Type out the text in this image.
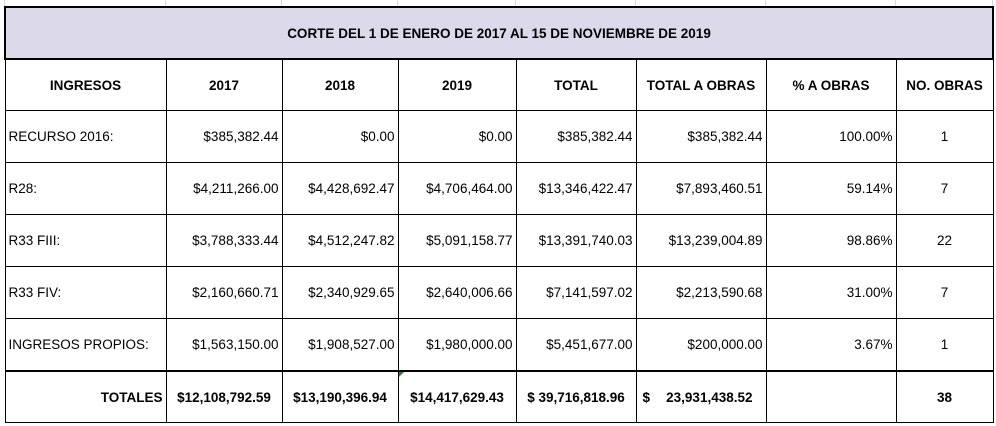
CORTE DEL 1 DE ENERO DE 2017 AL 15 DE NOVIEMBRE DE 2019							
INGRESOS	2017	2018	2019	TOTAL	TOTAL A OBRAS	% A OBRAS	NO. OBRAS
RECURSO 2016:	$385,382.44	$0.00	$0.00	$385,382.44	$385,382.44	100.00%	1
R28:	$4,211,266.00	$4,428,692.47	$4,706,464.00	$13,346,422.47	$7,893,460.51	59.14%	7
R33 FIII:	$3,788,333.44	$4,512,247.82	$5,091,158.77	$13,391,740.03	$13,239,004.89	98.86%	22
R33 FIV:	$2,160,660.71	$2,340,929.65	$2,640,006.66	$7,141,597.02	$2,213,590.68	31.00%	7
INGRESOS PROPIOS:	$1,563,150.00	$1,908,527.00	$1,980,000.00	$5,451,677.00	$200,000.00	3.67%	1
TOTALES	$12,108,792.59	$13,190,396.94	$14,417,629.43	$ 39,716,818.96	$ 23,931,438.52		38
